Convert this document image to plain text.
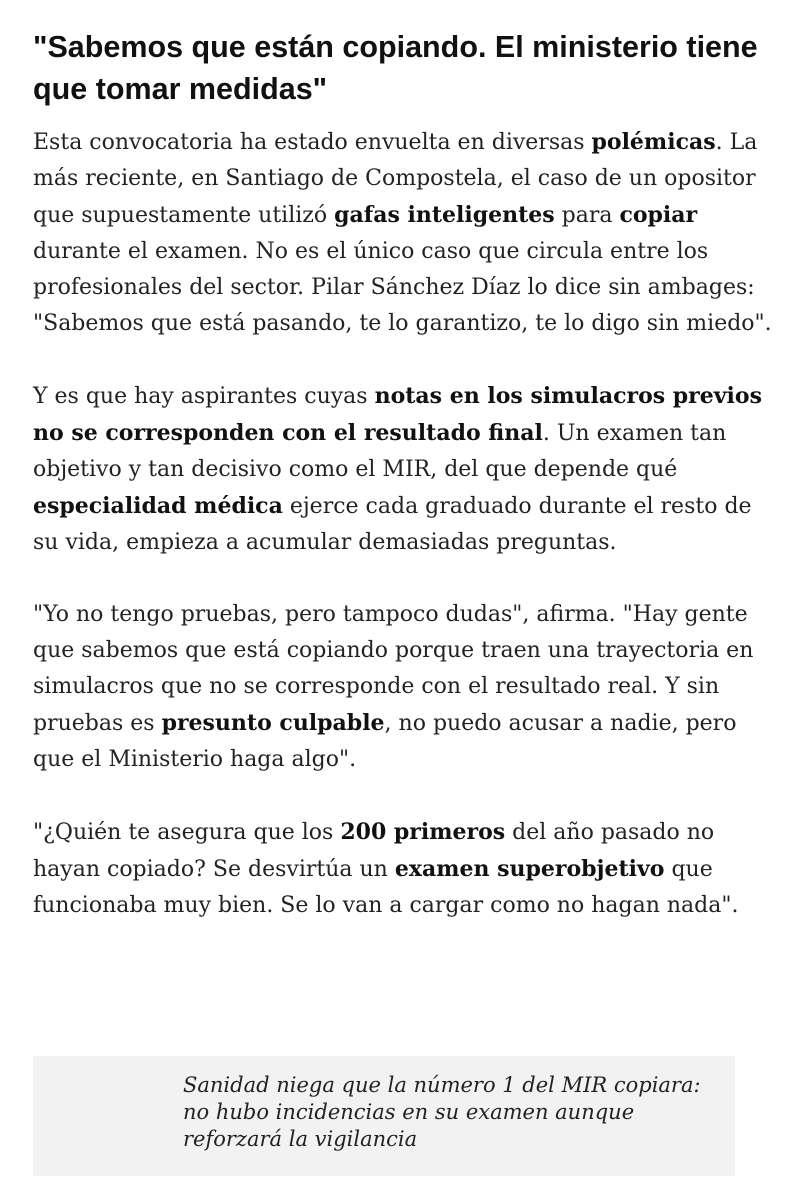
"Sabemos que están copiando. El ministerio tiene que tomar medidas"

Esta convocatoria ha estado envuelta en diversas polémicas. La más reciente, en Santiago de Compostela, el caso de un opositor que supuestamente utilizó gafas inteligentes para copiar durante el examen. No es el único caso que circula entre los profesionales del sector. Pilar Sánchez Díaz lo dice sin ambages: "Sabemos que está pasando, te lo garantizo, te lo digo sin miedo".

Y es que hay aspirantes cuyas notas en los simulacros previos no se corresponden con el resultado final. Un examen tan objetivo y tan decisivo como el MIR, del que depende qué especialidad médica ejerce cada graduado durante el resto de su vida, empieza a acumular demasiadas preguntas.

"Yo no tengo pruebas, pero tampoco dudas", afirma. "Hay gente que sabemos que está copiando porque traen una trayectoria en simulacros que no se corresponde con el resultado real. Y sin pruebas es presunto culpable, no puedo acusar a nadie, pero que el Ministerio haga algo".

"¿Quién te asegura que los 200 primeros del año pasado no hayan copiado? Se desvirtúa un examen superobjetivo que funcionaba muy bien. Se lo van a cargar como no hagan nada".

Sanidad niega que la número 1 del MIR copiara: no hubo incidencias en su examen aunque reforzará la vigilancia
